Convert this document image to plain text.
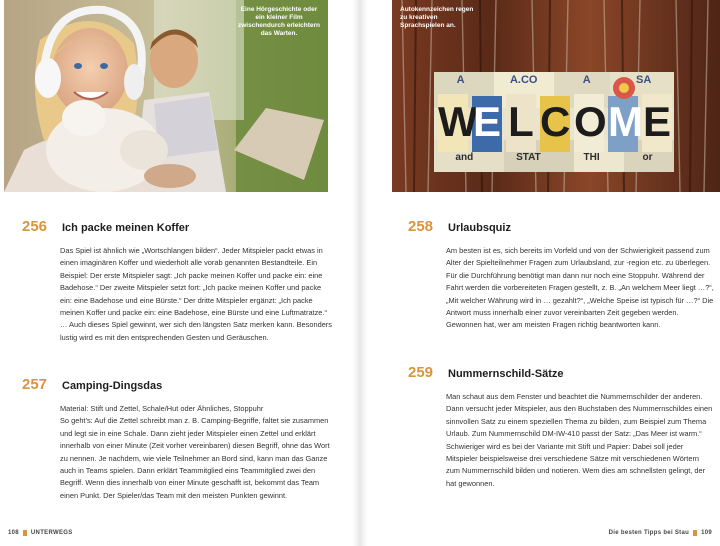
Eine Hörgeschichte oder ein kleiner Film zwischendurch erleichtern das Warten.
256	Ich packe meinen Koffer

Das Spiel ist ähnlich wie „Wortschlangen bilden“. Jeder Mitspieler packt etwas in einen imaginären Koffer und wiederholt alle vorab genannten Bestandteile. Ein Beispiel: Der erste Mitspieler sagt: „Ich packe meinen Koffer und packe ein: eine Badehose.“ Der zweite Mitspieler setzt fort: „Ich packe meinen Koffer und packe ein: eine Badehose und eine Bürste.“ Der dritte Mitspieler ergänzt: „Ich packe meinen Koffer und packe ein: eine Badehose, eine Bürste und eine Luftmatratze.“ … Auch dieses Spiel gewinnt, wer sich den längsten Satz merken kann. Besonders lustig wird es mit den entsprechenden Gesten und Geräuschen.

257	Camping-Dingsdas

Material: Stift und Zettel, Schale/Hut oder Ähnliches, Stoppuhr

So geht’s: Auf die Zettel schreibt man z. B. Camping-Begriffe, faltet sie zusammen und legt sie in eine Schale. Dann zieht jeder Mitspieler einen Zettel und erklärt innerhalb von einer Minute (Zeit vorher vereinbaren) diesen Begriff, ohne das Wort zu nennen. Je nachdem, wie viele Teilnehmer an Bord sind, kann man das Ganze auch in Teams spielen. Dann erklärt Teammitglied eins Teammitglied zwei den Begriff. Wenn dies innerhalb von einer Minute geschafft ist, bekommt das Team einen Punkt. Der Spieler/das Team mit den meisten Punkten gewinnt.

108 UNTERWEGS
A	A.CO	A	SA
W
E L C O M E
and	STAT	THI	or
Autokennzeichen regen zu kreativen Sprachspielen an.
258	Urlaubsquiz

Am besten ist es, sich bereits im Vorfeld und von der Schwierigkeit passend zum Alter der Spielteilnehmer Fragen zum Urlaubsland, zur -region etc. zu überlegen. Für die Durchführung benötigt man dann nur noch eine Stoppuhr. Während der Fahrt werden die vorbereiteten Fragen gestellt, z. B. „An welchem Meer liegt …?“, „Mit welcher Währung wird in … gezahlt?“, „Welche Speise ist typisch für …?“ Die Antwort muss innerhalb einer zuvor vereinbarten Zeit gegeben werden. Gewonnen hat, wer am meisten Fragen richtig beantworten kann.

259	Nummernschild-Sätze

Man schaut aus dem Fenster und beachtet die Nummernschilder der anderen. Dann versucht jeder Mitspieler, aus den Buchstaben des Nummernschildes einen sinnvollen Satz zu einem speziellen Thema zu bilden, zum Beispiel zum Thema Urlaub. Zum Nummernschild DM-IW-410 passt der Satz: „Das Meer ist warm.“ Schwieriger wird es bei der Variante mit Stift und Papier: Dabei soll jeder Mitspieler beispielsweise drei verschiedene Sätze mit verschiedenen Wörtern zum Nummernschild bilden und notieren. Wem dies am schnellsten gelingt, der hat gewonnen.

Die besten Tipps bei Stau 109
